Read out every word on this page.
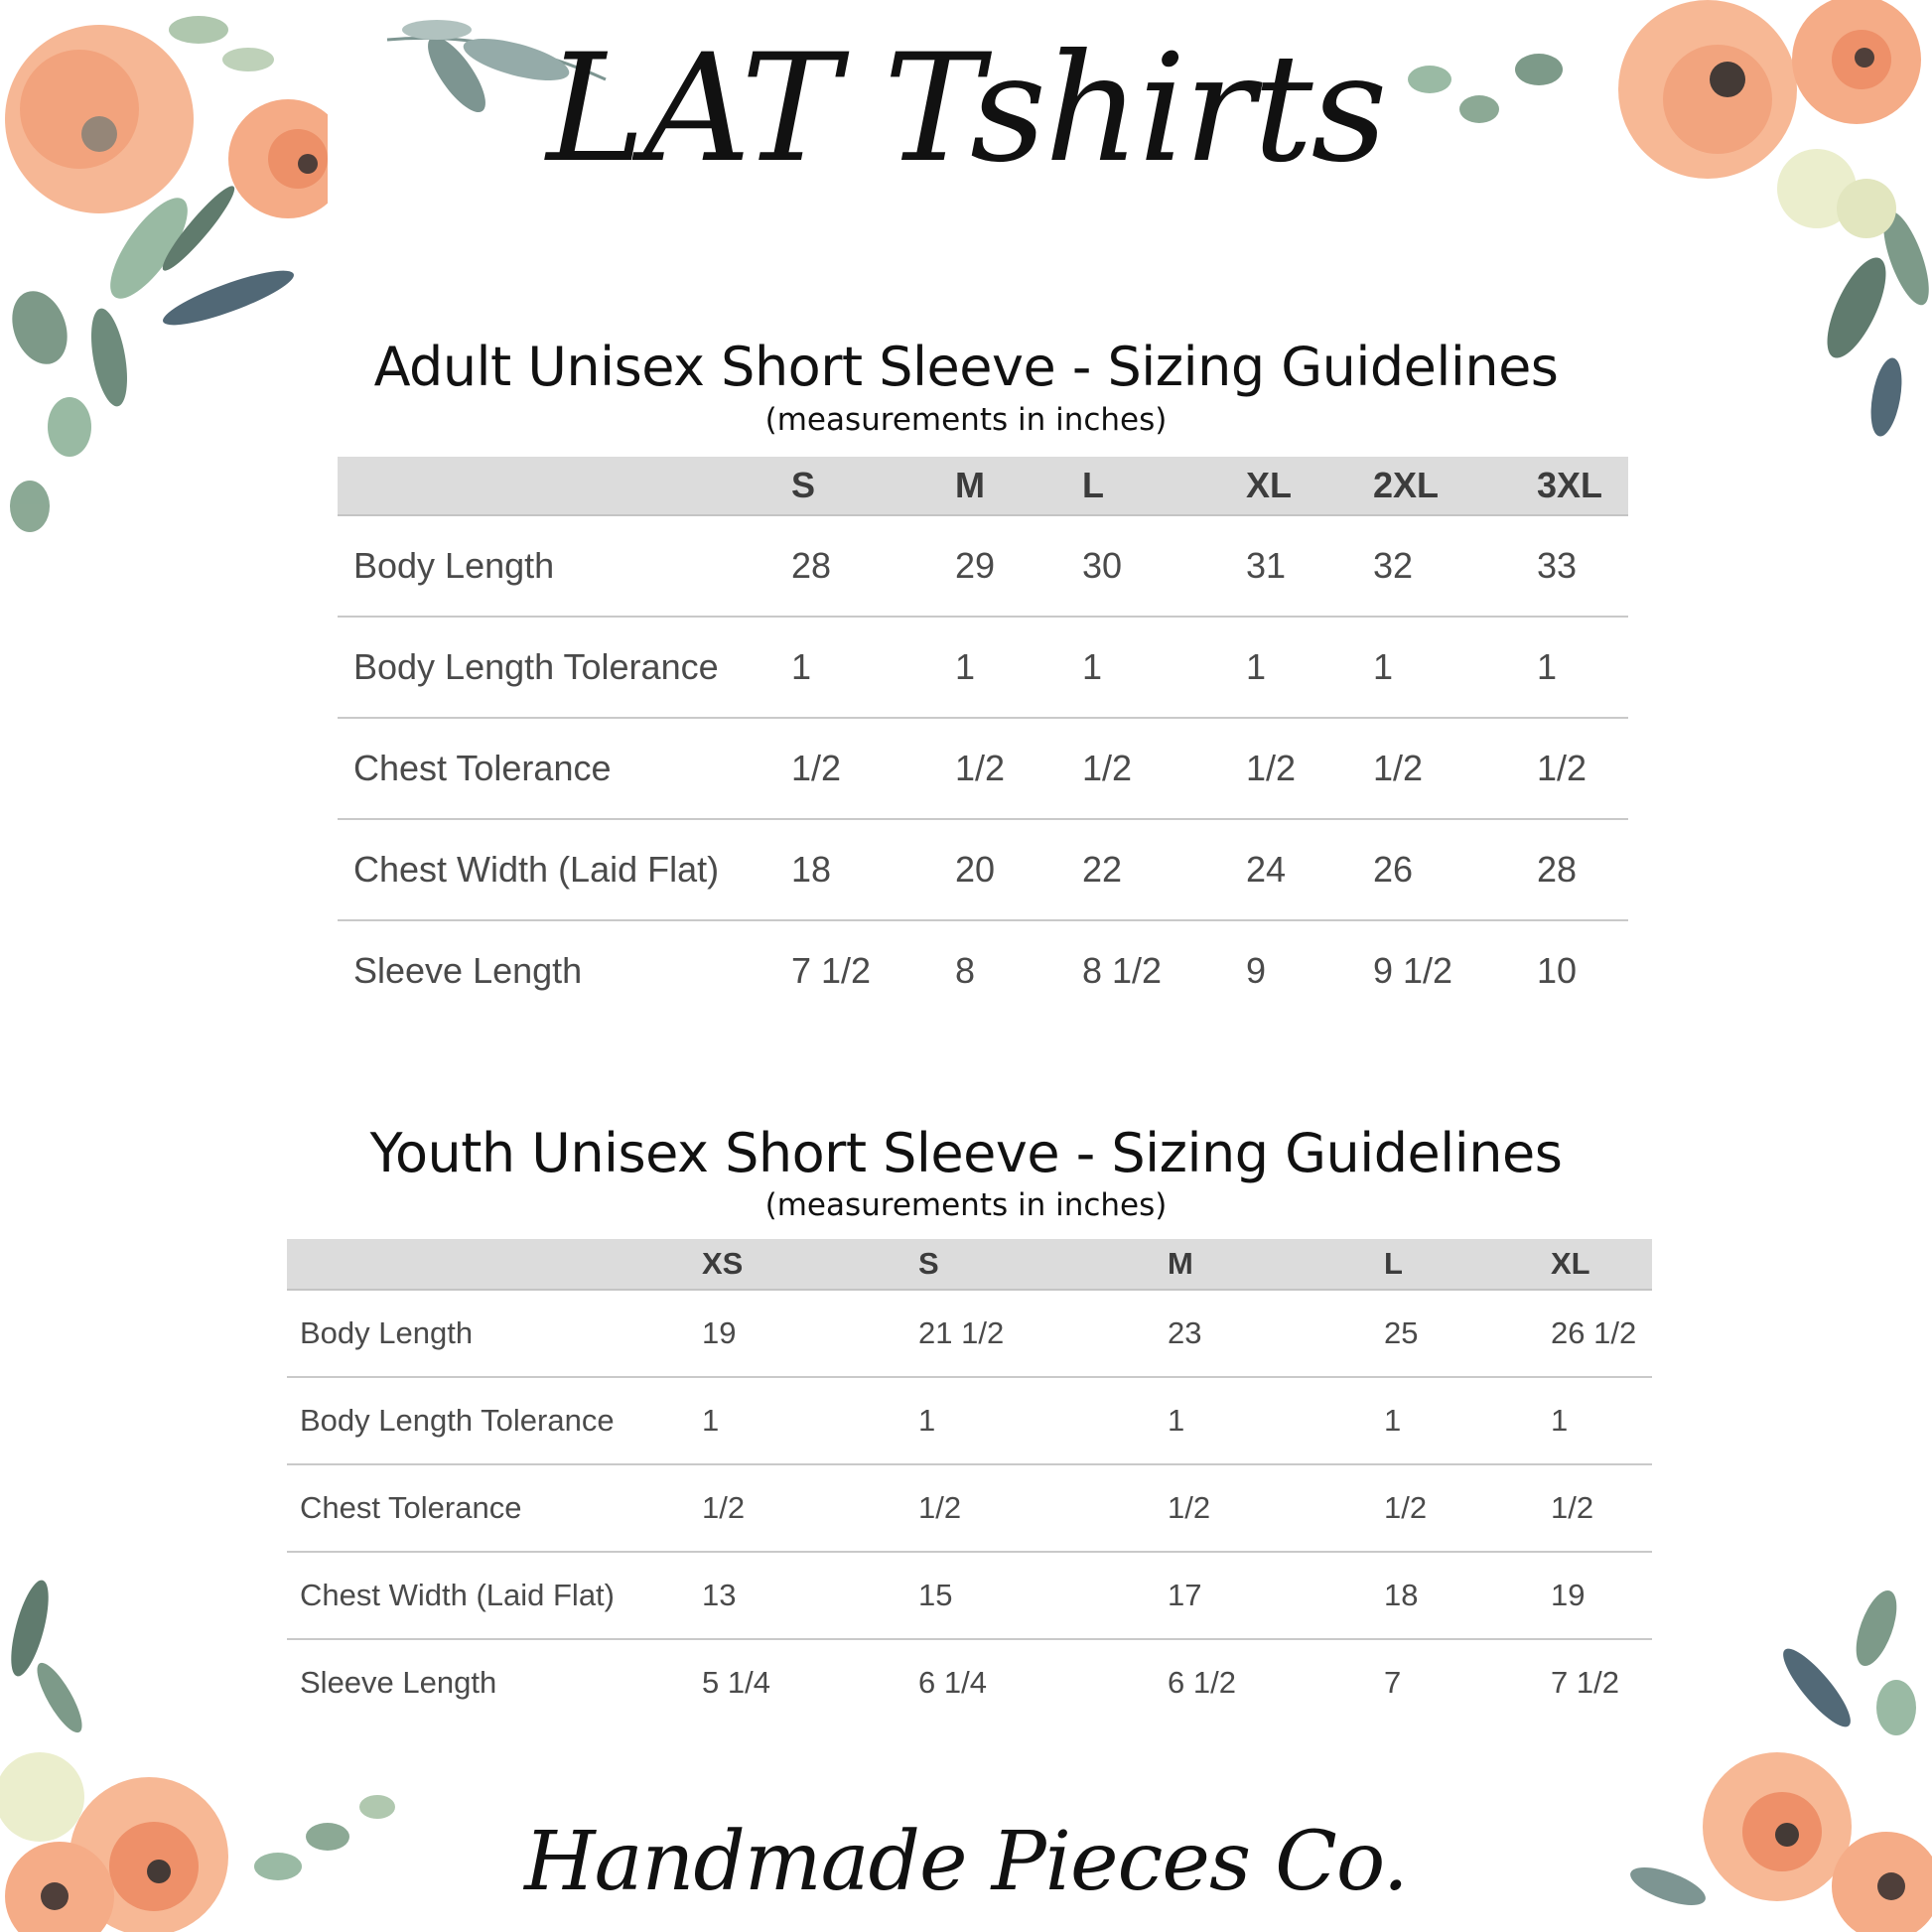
LAT Tshirts
Adult Unisex Short Sleeve - Sizing Guidelines
(measurements in inches)
	S	M	L	XL	2XL	3XL
Body Length	28	29	30	31	32	33
Body Length Tolerance	1	1	1	1	1	1
Chest Tolerance	1/2	1/2	1/2	1/2	1/2	1/2
Chest Width (Laid Flat)	18	20	22	24	26	28
Sleeve Length	7 1/2	8	8 1/2	9	9 1/2	10
Youth Unisex Short Sleeve - Sizing Guidelines
(measurements in inches)
	XS	S	M	L	XL
Body Length	19	21 1/2	23	25	26 1/2
Body Length Tolerance	1	1	1	1	1
Chest Tolerance	1/2	1/2	1/2	1/2	1/2
Chest Width (Laid Flat)	13	15	17	18	19
Sleeve Length	5 1/4	6 1/4	6 1/2	7	7 1/2
Handmade Pieces Co.
